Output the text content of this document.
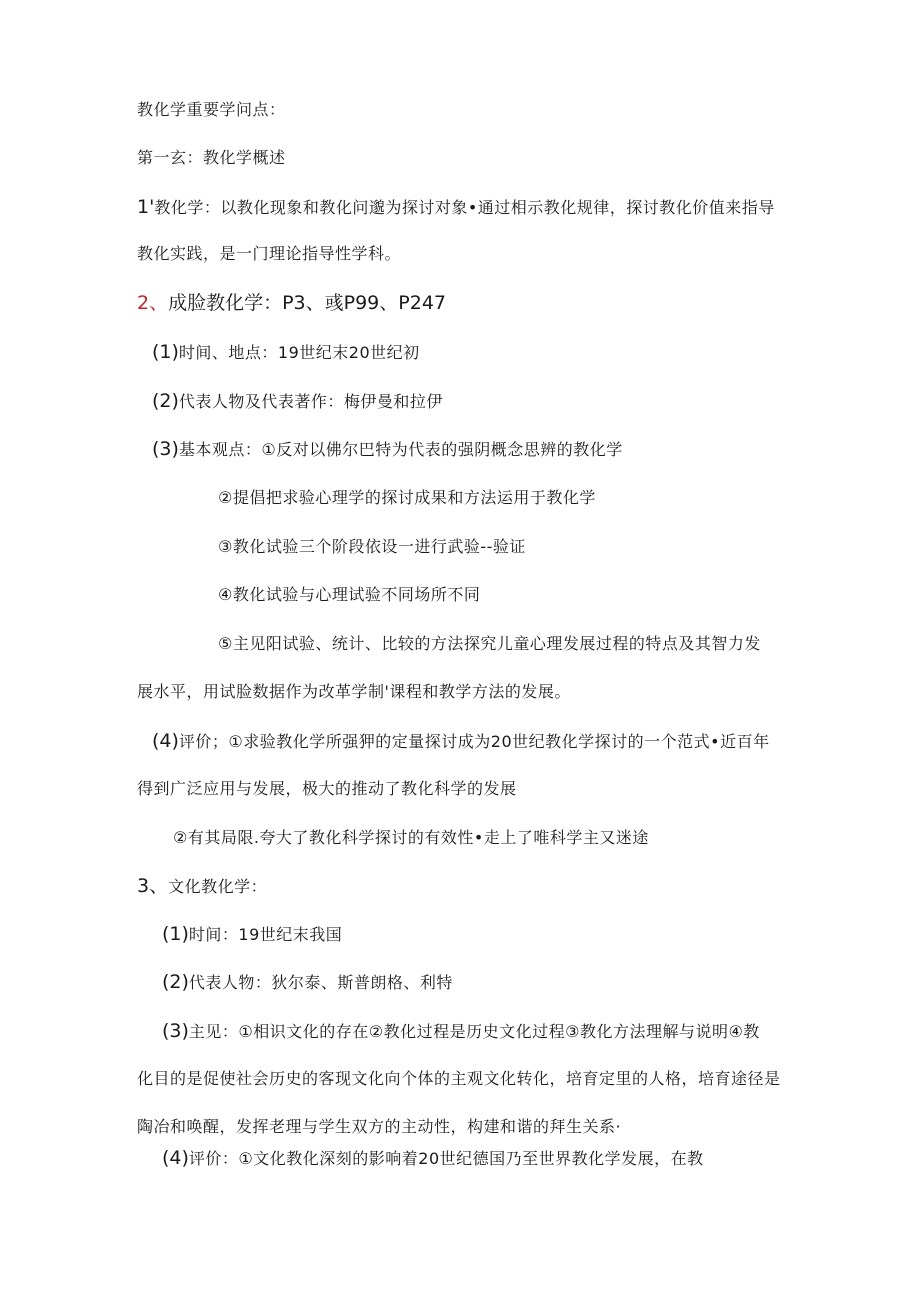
教化学重要学问点：
第一玄：教化学概述
1'教化学：以教化现象和教化问邈为探讨对象•通过相示教化规律，探讨教化价值来指导
教化实践，是一门理论指导性学科。
2、成脸教化学：P3、彧P99、P247
(1)时间、地点：19世纪末20世纪初
(2)代表人物及代表著作：梅伊曼和拉伊
(3)基本观点：①反对以佛尔巴特为代表的强阴概念思辨的教化学
②提倡把求验心理学的探讨成果和方法运用于教化学
③教化试验三个阶段依设一进行武验--验证
④教化试验与心理试验不同场所不同
⑤主见阳试验、统计、比较的方法探究儿童心理发展过程的特点及其智力发
展水平，用试脸数据作为改革学制'课程和教学方法的发展。
(4)评价；①求验教化学所强狎的定量探讨成为20世纪教化学探讨的一个范式•近百年
得到广泛应用与发展，极大的推动了教化科学的发展
②有其局限.夸大了教化科学探讨的有效性•走上了唯科学主又迷途
3、文化教化学：
(1)时间：19世纪末我国
(2)代表人物：狄尔泰、斯普朗格、利特
(3)主见：①相识文化的存在②教化过程是历史文化过程③教化方法理解与说明④教
化目的是促使社会历史的客现文化向个体的主观文化转化，培育定里的人格，培育途径是
陶冶和唤醒，发挥老理与学生双方的主动性，构建和谐的拜生关系·
(4)评价：①文化教化深刻的影响着20世纪德国乃至世界教化学发展，在教
